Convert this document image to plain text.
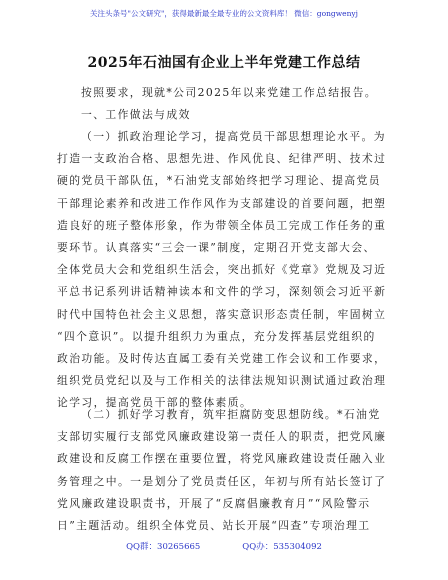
关注头条号"公文研究"，获得最新最全最专业的公文资料库！ 微信：gongwenyj
2025年石油国有企业上半年党建工作总结
按照要求，现就*公司2025年以来党建工作总结报告。
一、工作做法与成效
（一）抓政治理论学习，提高党员干部思想理论水平。为
打造一支政治合格、思想先进、作风优良、纪律严明、技术过
硬的党员干部队伍，*石油党支部始终把学习理论、提高党员
干部理论素养和改进工作作风作为支部建设的首要问题，把塑
造良好的班子整体形象，作为带领全体员工完成工作任务的重
要环节。认真落实“三会一课”制度，定期召开党支部大会、
全体党员大会和党组织生活会，突出抓好《党章》党规及习近
平总书记系列讲话精神读本和文件的学习，深刻领会习近平新
时代中国特色社会主义思想，落实意识形态责任制，牢固树立
“四个意识”。以提升组织力为重点，充分发挥基层党组织的
政治功能。及时传达直属工委有关党建工作会议和工作要求，
组织党员党纪以及与工作相关的法律法规知识测试通过政治理
论学习，提高党员干部的整体素质。
（二）抓好学习教育，筑牢拒腐防变思想防线。*石油党
支部切实履行支部党风廉政建设第一责任人的职责，把党风廉
政建设和反腐工作摆在重要位置，将党风廉政建设责任融入业
务管理之中。一是划分了党员责任区，年初与所有站长签订了
党风廉政建设职责书，开展了“反腐倡廉教育月”“风险警示
日”主题活动。组织全体党员、站长开展“四查”专项治理工
QQ群：30265665	QQ办：535304092
